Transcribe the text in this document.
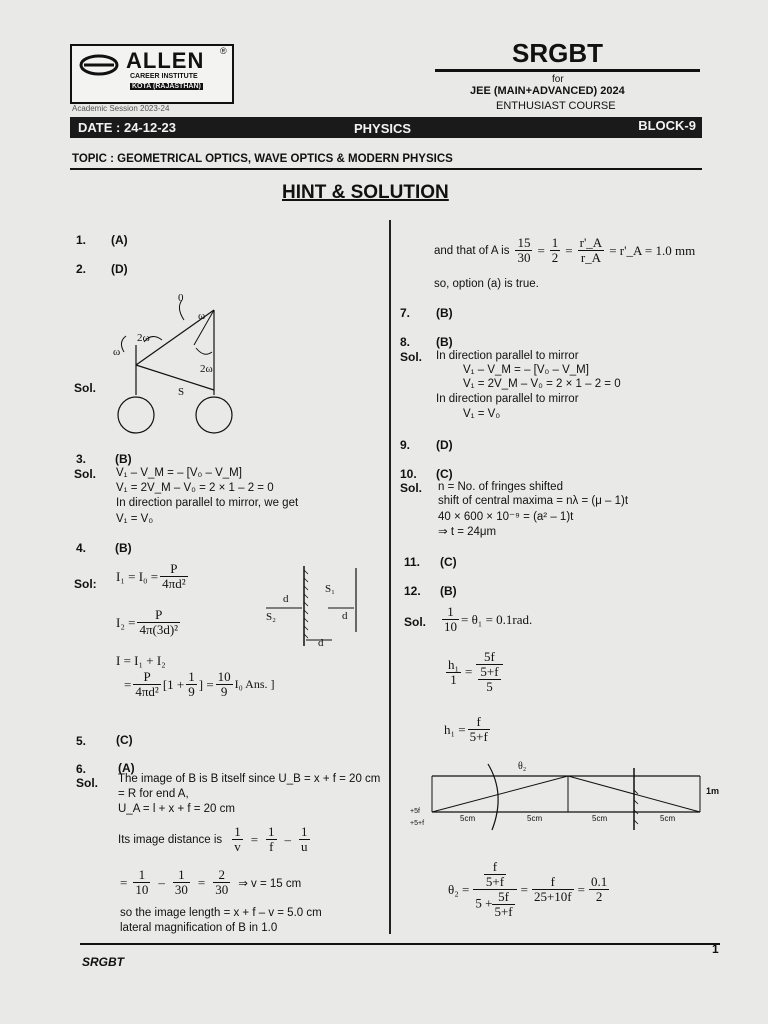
ALLEN
CAREER INSTITUTE
KOTA (RAJASTHAN)
®
Academic Session 2023-24
SRGBT
for
JEE (MAIN+ADVANCED) 2024
ENTHUSIAST COURSE
DATE : 24-12-23	PHYSICS	BLOCK-9
TOPIC : GEOMETRICAL OPTICS, WAVE OPTICS & MODERN PHYSICS
HINT & SOLUTION
1. (A)
2. (D)
Sol.
0
ω
2ω
ω
2ω
S
3. (B)
Sol. V₁ – V_M = – [V₀ – V_M]
V₁ = 2V_M – V₀ = 2 × 1 – 2 = 0
In direction parallel to mirror, we get
V₁ = V₀
4. (B)
Sol:
$I_1 = I_0 = \frac{P}{\text{4πd²}}$
$I_2 = \frac{P}{\text{4π(3d)²}}$
I = I₁ + I₂
= $\frac{P}{\text{4πd²}} [1 + \frac{1}{9}$ ] = $\frac{10}{9} I_0$ Ans. ]
d
S₁
d
S₂
d
5. (C)
6.	(A)
Sol. The image of B is B itself since U_B = x + f = 20 cm
= R for end A,
U_A = l + x + f = 20 cm
Its image distance is $\frac{1}{v} = \frac{1}{f} - \frac{1}{u}$
= $\frac{1}{10} - \frac{1}{30} = \frac{2}{30}$ ⇒ v = 15 cm
so the image length = x + f – v = 5.0 cm
lateral magnification of B in 1.0
and that of A is $\frac{15}{30} = \frac{1}{2} = \frac{r'\_A}{r\_A}$ = r'_A = 1.0 mm
so, option (a) is true.
7. (B)
8. (B)
Sol. In direction parallel to mirror
V₁ – V_M = – [V₀ – V_M]
V₁ = 2V_M – V₀ = 2 × 1 – 2 = 0
In direction parallel to mirror
V₁ = V₀
9. (D)
10. (C)
Sol. n = No. of fringes shifted
shift of central maxima = nλ = (μ – 1)t
40 × 600 × 10⁻⁹ = (a² – 1)t
⇒ t = 24μm
11. (C)
12. (B)
Sol. $\frac{1}{10} = \theta_1 = 0.1rad$.
$\frac{\text{h₁}}{1} = \frac{5f}{\frac{5+f}{5}}$
$h_1 = \frac{f}{5+f}$
θ₂
1m
+5f
+5+f
5cm	5cm	5cm	5cm
$\theta_2 = \frac{\frac{f}{5+f}}{5 + \frac{5f}{5+f}} = \frac{f}{25+10f} = \frac{0.1}{2}$
SRGBT
1
